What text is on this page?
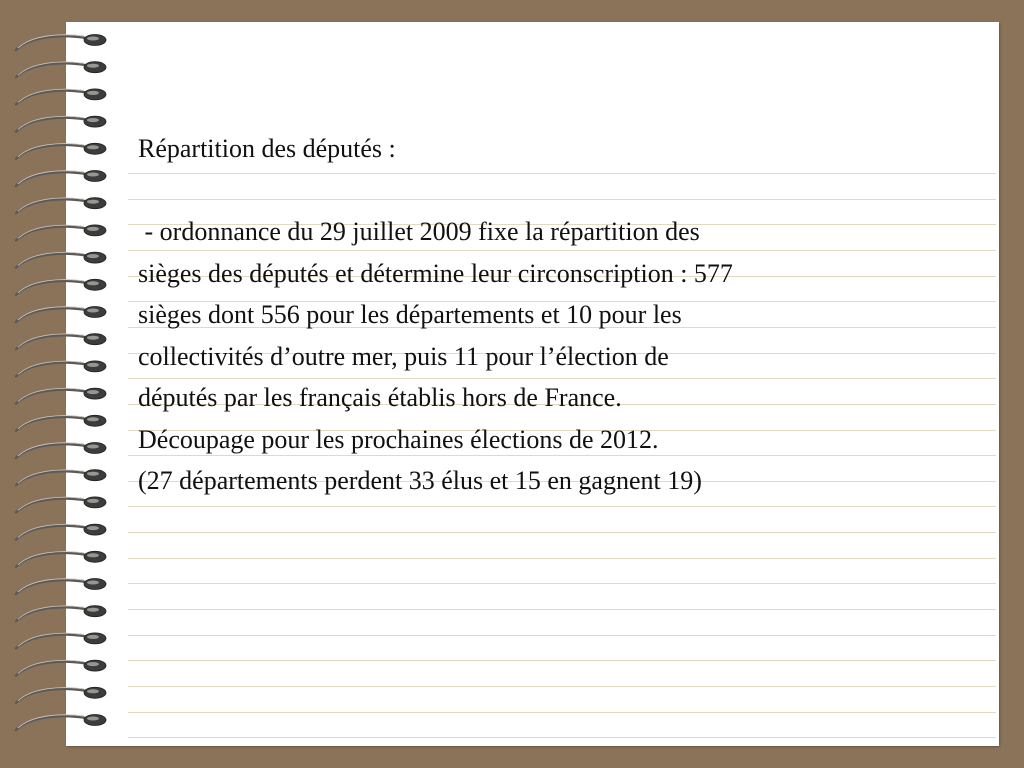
Répartition des députés :

- ordonnance du 29 juillet 2009 fixe la répartition des

sièges des députés et détermine leur circonscription : 577

sièges dont 556 pour les départements et 10 pour les

collectivités d’outre mer, puis 11 pour l’élection de

députés par les français établis hors de France.

Découpage pour les prochaines élections de 2012.

(27 départements perdent 33 élus et 15 en gagnent 19)
